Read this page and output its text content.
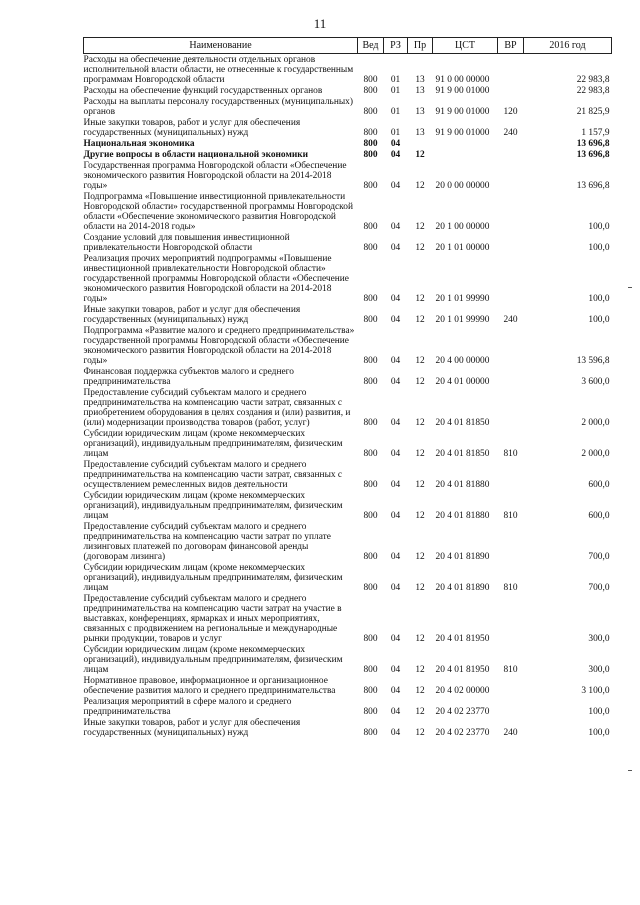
11
Наименование	Вед	РЗ	Пр	ЦСТ	ВР	2016 год
Расходы на обеспечение деятельности отдельных органов исполнительной власти области, не отнесенные к государственным программам Новгородской области	800	01	13	91 0 00 00000		22 983,8
Расходы на обеспечение функций государственных органов	800	01	13	91 9 00 01000		22 983,8
Расходы на выплаты персоналу государственных (муниципальных) органов	800	01	13	91 9 00 01000	120	21 825,9
Иные закупки товаров, работ и услуг для обеспечения государственных (муниципальных) нужд	800	01	13	91 9 00 01000	240	1 157,9
Национальная экономика	800	04				13 696,8
Другие вопросы в области национальной экономики	800	04	12			13 696,8
Государственная программа Новгородской области «Обеспечение экономического развития Новгородской области на 2014-2018 годы»	800	04	12	20 0 00 00000		13 696,8
Подпрограмма «Повышение инвестиционной привлекательности Новгородской области» государственной программы Новгородской области «Обеспечение экономического развития Новгородской области на 2014-2018 годы»	800	04	12	20 1 00 00000		100,0
Создание условий для повышения инвестиционной привлекательности Новгородской области	800	04	12	20 1 01 00000		100,0
Реализация прочих мероприятий подпрограммы «Повышение инвестиционной привлекательности Новгородской области» государственной программы Новгородской области «Обеспечение экономического развития Новгородской области на 2014-2018 годы»	800	04	12	20 1 01 99990		100,0
Иные закупки товаров, работ и услуг для обеспечения государственных (муниципальных) нужд	800	04	12	20 1 01 99990	240	100,0
Подпрограмма «Развитие малого и среднего предпринимательства» государственной программы Новгородской области «Обеспечение экономического развития Новгородской области на 2014-2018 годы»	800	04	12	20 4 00 00000		13 596,8
Финансовая поддержка субъектов малого и среднего предпринимательства	800	04	12	20 4 01 00000		3 600,0
Предоставление субсидий субъектам малого и среднего предпринимательства на компенсацию части затрат, связанных с приобретением оборудования в целях создания и (или) развития, и (или) модернизации производства товаров (работ, услуг)	800	04	12	20 4 01 81850		2 000,0
Субсидии юридическим лицам (кроме некоммерческих организаций), индивидуальным предпринимателям, физическим лицам	800	04	12	20 4 01 81850	810	2 000,0
Предоставление субсидий субъектам малого и среднего предпринимательства на компенсацию части затрат, связанных с осуществлением ремесленных видов деятельности	800	04	12	20 4 01 81880		600,0
Субсидии юридическим лицам (кроме некоммерческих организаций), индивидуальным предпринимателям, физическим лицам	800	04	12	20 4 01 81880	810	600,0
Предоставление субсидий субъектам малого и среднего предпринимательства на компенсацию части затрат по уплате лизинговых платежей по договорам финансовой аренды (договорам лизинга)	800	04	12	20 4 01 81890		700,0
Субсидии юридическим лицам (кроме некоммерческих организаций), индивидуальным предпринимателям, физическим лицам	800	04	12	20 4 01 81890	810	700,0
Предоставление субсидий субъектам малого и среднего предпринимательства на компенсацию части затрат на участие в выставках, конференциях, ярмарках и иных мероприятиях, связанных с продвижением на региональные и международные рынки продукции, товаров и услуг	800	04	12	20 4 01 81950		300,0
Субсидии юридическим лицам (кроме некоммерческих организаций), индивидуальным предпринимателям, физическим лицам	800	04	12	20 4 01 81950	810	300,0
Нормативное правовое, информационное и организационное обеспечение развития малого и среднего предпринимательства	800	04	12	20 4 02 00000		3 100,0
Реализация мероприятий в сфере малого и среднего предпринимательства	800	04	12	20 4 02 23770		100,0
Иные закупки товаров, работ и услуг для обеспечения государственных (муниципальных) нужд	800	04	12	20 4 02 23770	240	100,0
